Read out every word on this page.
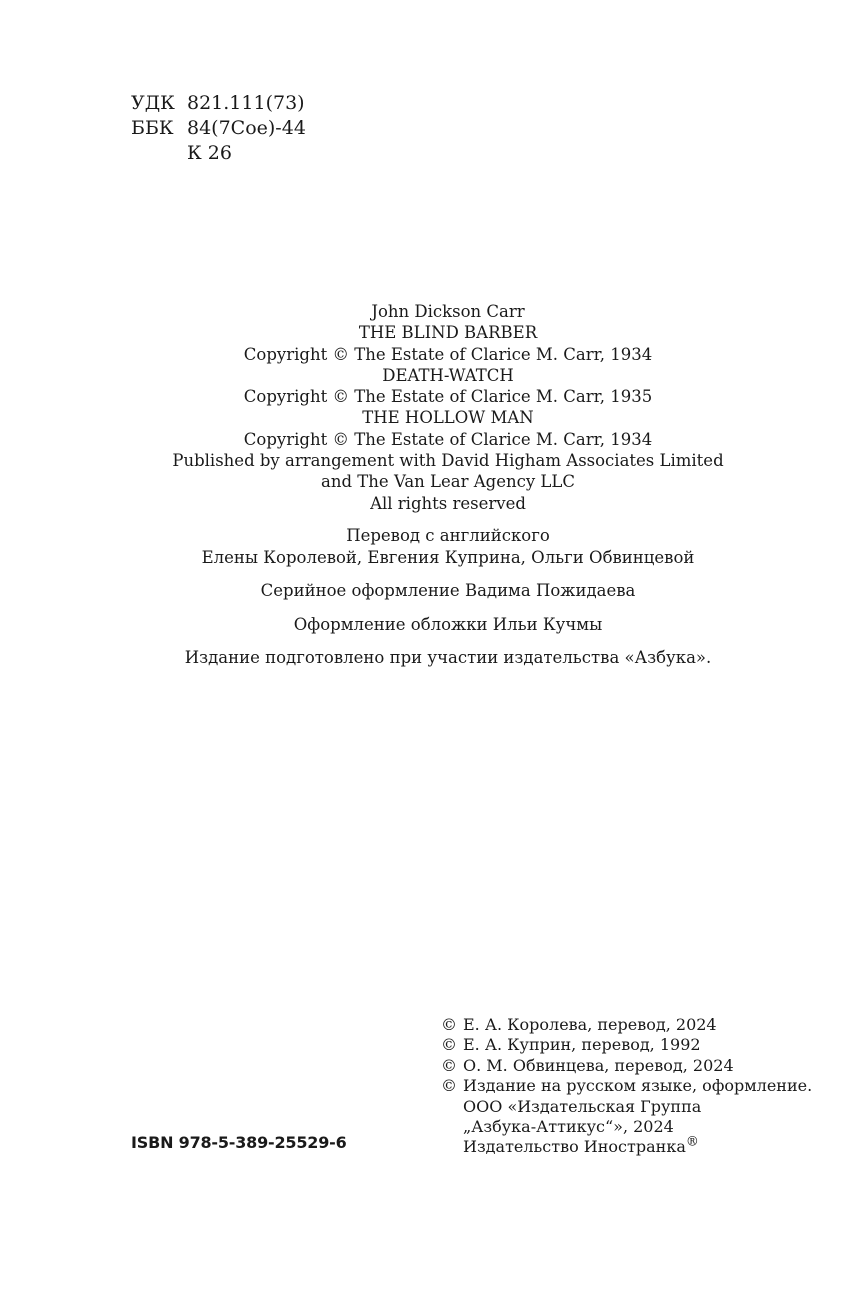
УДК 821.111(73)
ББК 84(7Сое)-44
К 26

John Dickson Carr

THE BLIND BARBER

Copyright © The Estate of Clarice M. Carr, 1934

DEATH-WATCH

Copyright © The Estate of Clarice M. Carr, 1935

THE HOLLOW MAN

Copyright © The Estate of Clarice M. Carr, 1934

Published by arrangement with David Higham Associates Limited

and The Van Lear Agency LLC

All rights reserved

Перевод с английского

Елены Королевой, Евгения Куприна, Ольги Обвинцевой

Серийное оформление Вадима Пожидаева

Оформление обложки Ильи Кучмы

Издание подготовлено при участии издательства «Азбука».

ISBN 978-5-389-25529-6
© Е. А. Королева, перевод, 2024
© Е. А. Куприн, перевод, 1992
© О. М. Обвинцева, перевод, 2024
© Издание на русском языке, оформление.
ООО «Издательская Группа
„Азбука-Аттикус“», 2024
Издательство Иностранка®
